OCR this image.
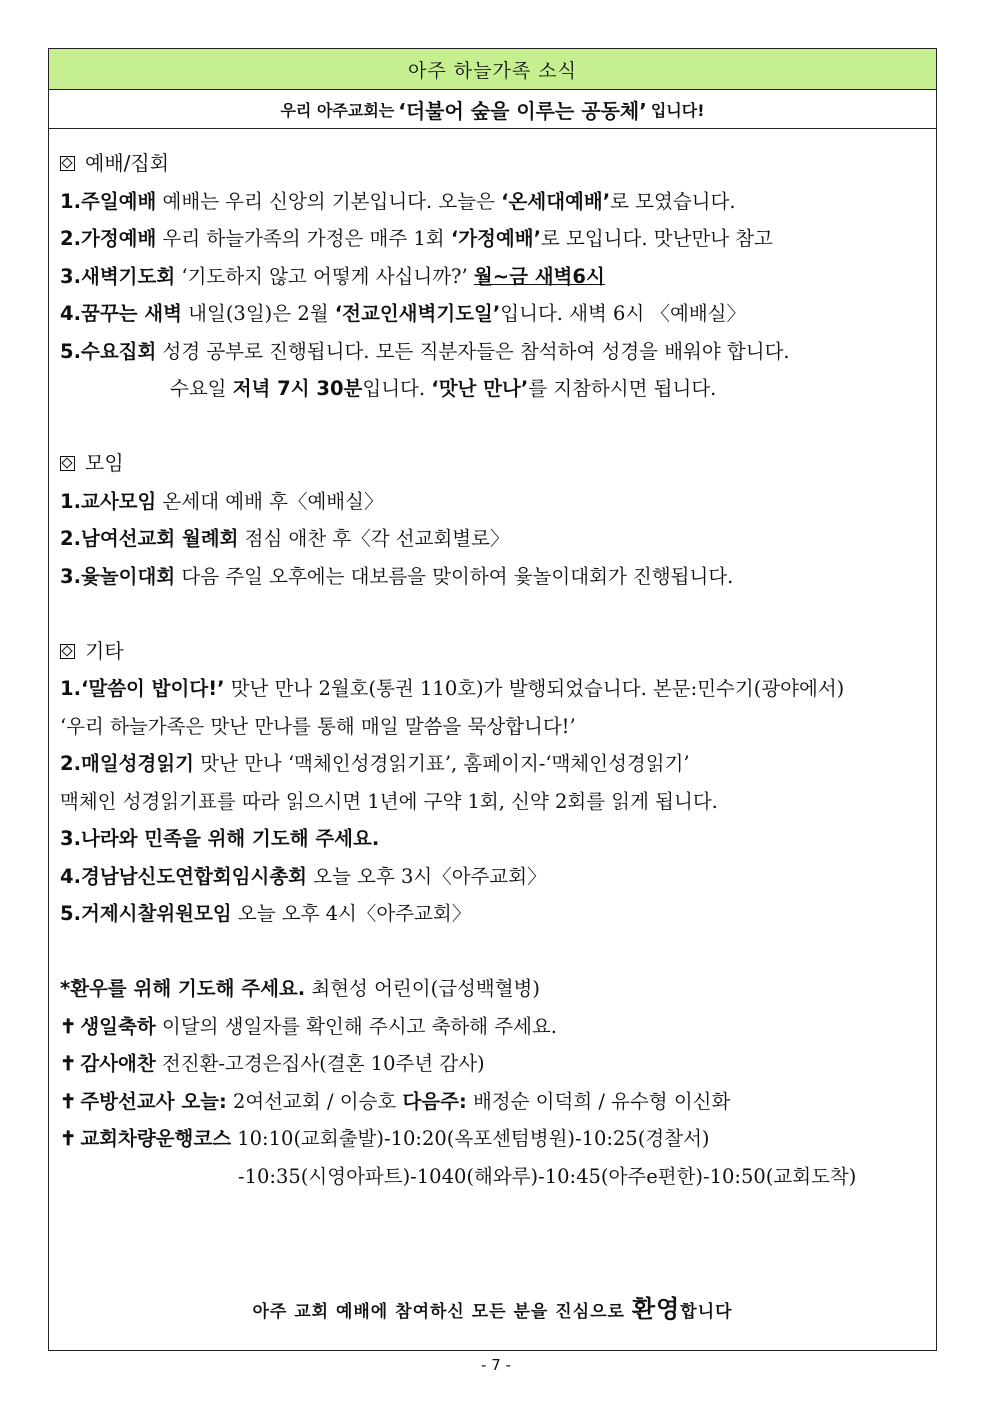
아주 하늘가족 소식
우리 아주교회는 ‘더불어 숲을 이루는 공동체’ 입니다!
예배/집회
1.주일예배 예배는 우리 신앙의 기본입니다. 오늘은 ‘온세대예배’로 모였습니다.
2.가정예배 우리 하늘가족의 가정은 매주 1회 ‘가정예배’로 모입니다. 맛난만나 참고
3.새벽기도회 ‘기도하지 않고 어떻게 사십니까?’ 월~금 새벽6시
4.꿈꾸는 새벽 내일(3일)은 2월 ‘전교인새벽기도일’입니다. 새벽 6시 〈예배실〉
5.수요집회 성경 공부로 진행됩니다. 모든 직분자들은 참석하여 성경을 배워야 합니다.
수요일 저녁 7시 30분입니다. ‘맛난 만나’를 지참하시면 됩니다.
모임
1.교사모임 온세대 예배 후〈예배실〉
2.남여선교회 월례회 점심 애찬 후〈각 선교회별로〉
3.윷놀이대회 다음 주일 오후에는 대보름을 맞이하여 윷놀이대회가 진행됩니다.
기타
1.‘말씀이 밥이다!’ 맛난 만나 2월호(통권 110호)가 발행되었습니다. 본문:민수기(광야에서)
‘우리 하늘가족은 맛난 만나를 통해 매일 말씀을 묵상합니다!’
2.매일성경읽기 맛난 만나 ‘맥체인성경읽기표’, 홈페이지-‘맥체인성경읽기’
맥체인 성경읽기표를 따라 읽으시면 1년에 구약 1회, 신약 2회를 읽게 됩니다.
3.나라와 민족을 위해 기도해 주세요.
4.경남남신도연합회임시총회 오늘 오후 3시〈아주교회〉
5.거제시찰위원모임 오늘 오후 4시〈아주교회〉
*환우를 위해 기도해 주세요. 최현성 어린이(급성백혈병)
✝ 생일축하 이달의 생일자를 확인해 주시고 축하해 주세요.
✝ 감사애찬 전진환-고경은집사(결혼 10주년 감사)
✝ 주방선교사 오늘: 2여선교회 / 이승호 다음주: 배정순 이덕희 / 유수형 이신화
✝ 교회차량운행코스 10:10(교회출발)-10:20(옥포센텀병원)-10:25(경찰서)
-10:35(시영아파트)-1040(해와루)-10:45(아주e편한)-10:50(교회도착)
아주 교회 예배에 참여하신 모든 분을 진심으로 환영합니다
- 7 -
